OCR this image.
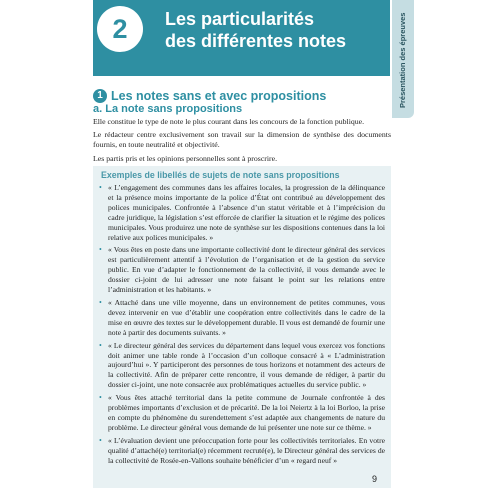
2	Les particularités
des différentes notes	Présentation des épreuves
1 Les notes sans et avec propositions
a. La note sans propositions

Elle constitue le type de note le plus courant dans les concours de la fonction publique.

Le rédacteur centre exclusivement son travail sur la dimension de synthèse des documents fournis, en toute neutralité et objectivité.

Les partis pris et les opinions personnelles sont à proscrire.

Exemples de libellés de sujets de note sans propositions
• « L’engagement des communes dans les affaires locales, la progression de la délinquance et la présence moins importante de la police d’État ont contribué au développement des polices municipales. Confrontée à l’absence d’un statut véritable et à l’imprécision du cadre juridique, la législation s’est efforcée de clarifier la situation et le régime des polices municipales. Vous produirez une note de synthèse sur les dispositions contenues dans la loi relative aux polices municipales. »
• « Vous êtes en poste dans une importante collectivité dont le directeur général des services est particulièrement attentif à l’évolution de l’organisation et de la gestion du service public. En vue d’adapter le fonctionnement de la collectivité, il vous demande avec le dossier ci-joint de lui adresser une note faisant le point sur les relations entre l’administration et les habitants. »
• « Attaché dans une ville moyenne, dans un environnement de petites communes, vous devez intervenir en vue d’établir une coopération entre collectivités dans le cadre de la mise en œuvre des textes sur le développement durable. Il vous est demandé de fournir une note à partir des documents suivants. »
• « Le directeur général des services du département dans lequel vous exercez vos fonctions doit animer une table ronde à l’occasion d’un colloque consacré à « L’administration aujourd’hui ». Y participeront des personnes de tous horizons et notamment des acteurs de la collectivité. Afin de préparer cette rencontre, il vous demande de rédiger, à partir du dossier ci-joint, une note consacrée aux problématiques actuelles du service public. »
• « Vous êtes attaché territorial dans la petite commune de Journale confrontée à des problèmes importants d’exclusion et de précarité. De la loi Neiertz à la loi Borloo, la prise en compte du phénomène du surendettement s’est adaptée aux changements de nature du problème. Le directeur général vous demande de lui présenter une note sur ce thème. »
• « L’évaluation devient une préoccupation forte pour les collectivités territoriales. En votre qualité d’attaché(e) territorial(e) récemment recruté(e), le Directeur général des services de la collectivité de Rosée-en-Vallons souhaite bénéficier d’un « regard neuf »
9
